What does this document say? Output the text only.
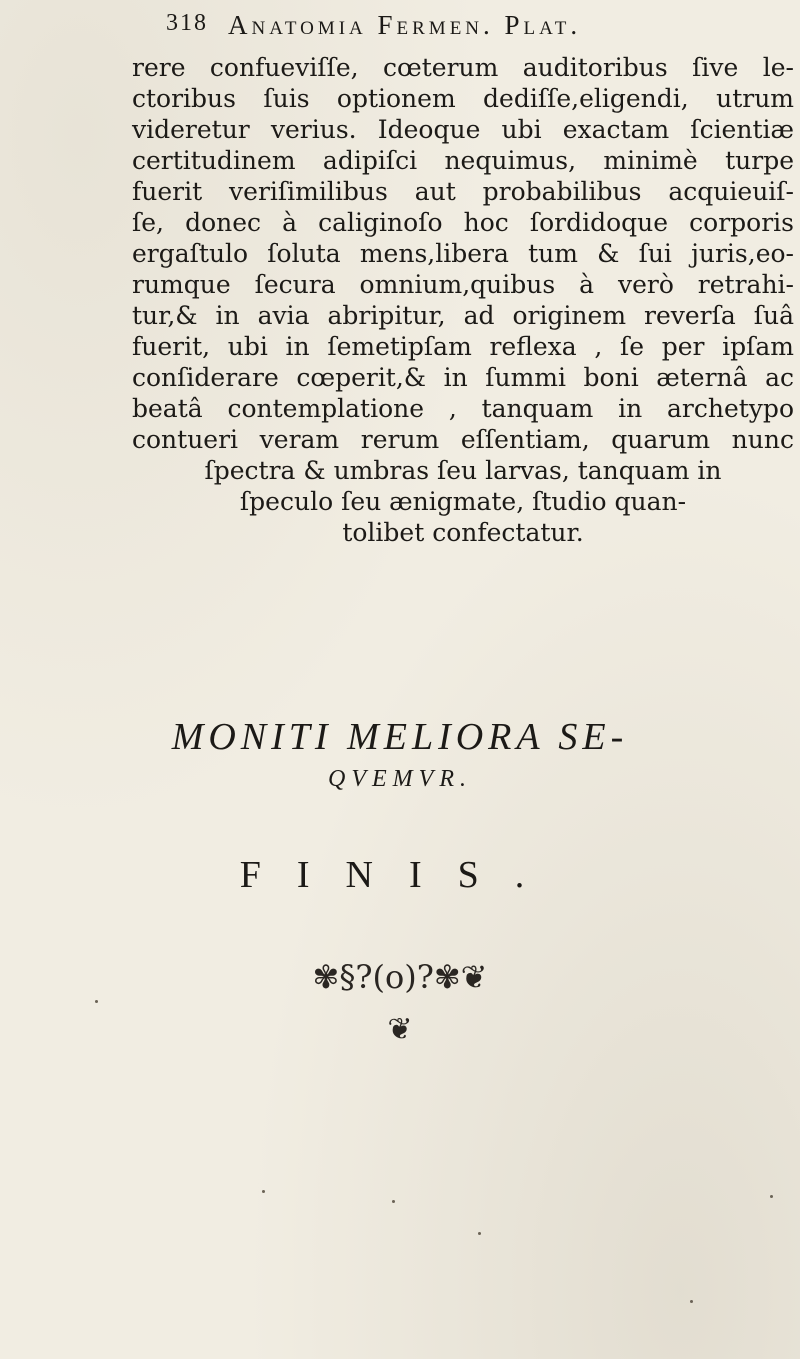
318 Anatomia Fermen. Plat.
rere confueviſſe, cœterum auditoribus ſive le-
ctoribus ſuis optionem dediſſe,eligendi, utrum
videretur verius. Ideoque ubi exactam ſcientiæ
certitudinem adipiſci nequimus, minimè turpe
fuerit veriſimilibus aut probabilibus acquieuiſ-
ſe, donec à caliginoſo hoc ſordidoque corporis
ergaſtulo ſoluta mens,libera tum & ſui juris,eo-
rumque ſecura omnium,quibus à verò retrahi-
tur,& in avia abripitur, ad originem reverſa ſuâ
fuerit, ubi in ſemetipſam reflexa , ſe per ipſam
conſiderare cœperit,& in ſummi boni æternâ ac
beatâ contemplatione , tanquam in archetypo
contueri veram rerum eſſentiam, quarum nunc
ſpectra & umbras ſeu larvas, tanquam in
ſpeculo ſeu ænigmate, ſtudio quan-
tolibet confectatur.
MONITI MELIORA SE-
QVEMVR.
FINIS.
✾§?(o)?✾❦
❦
